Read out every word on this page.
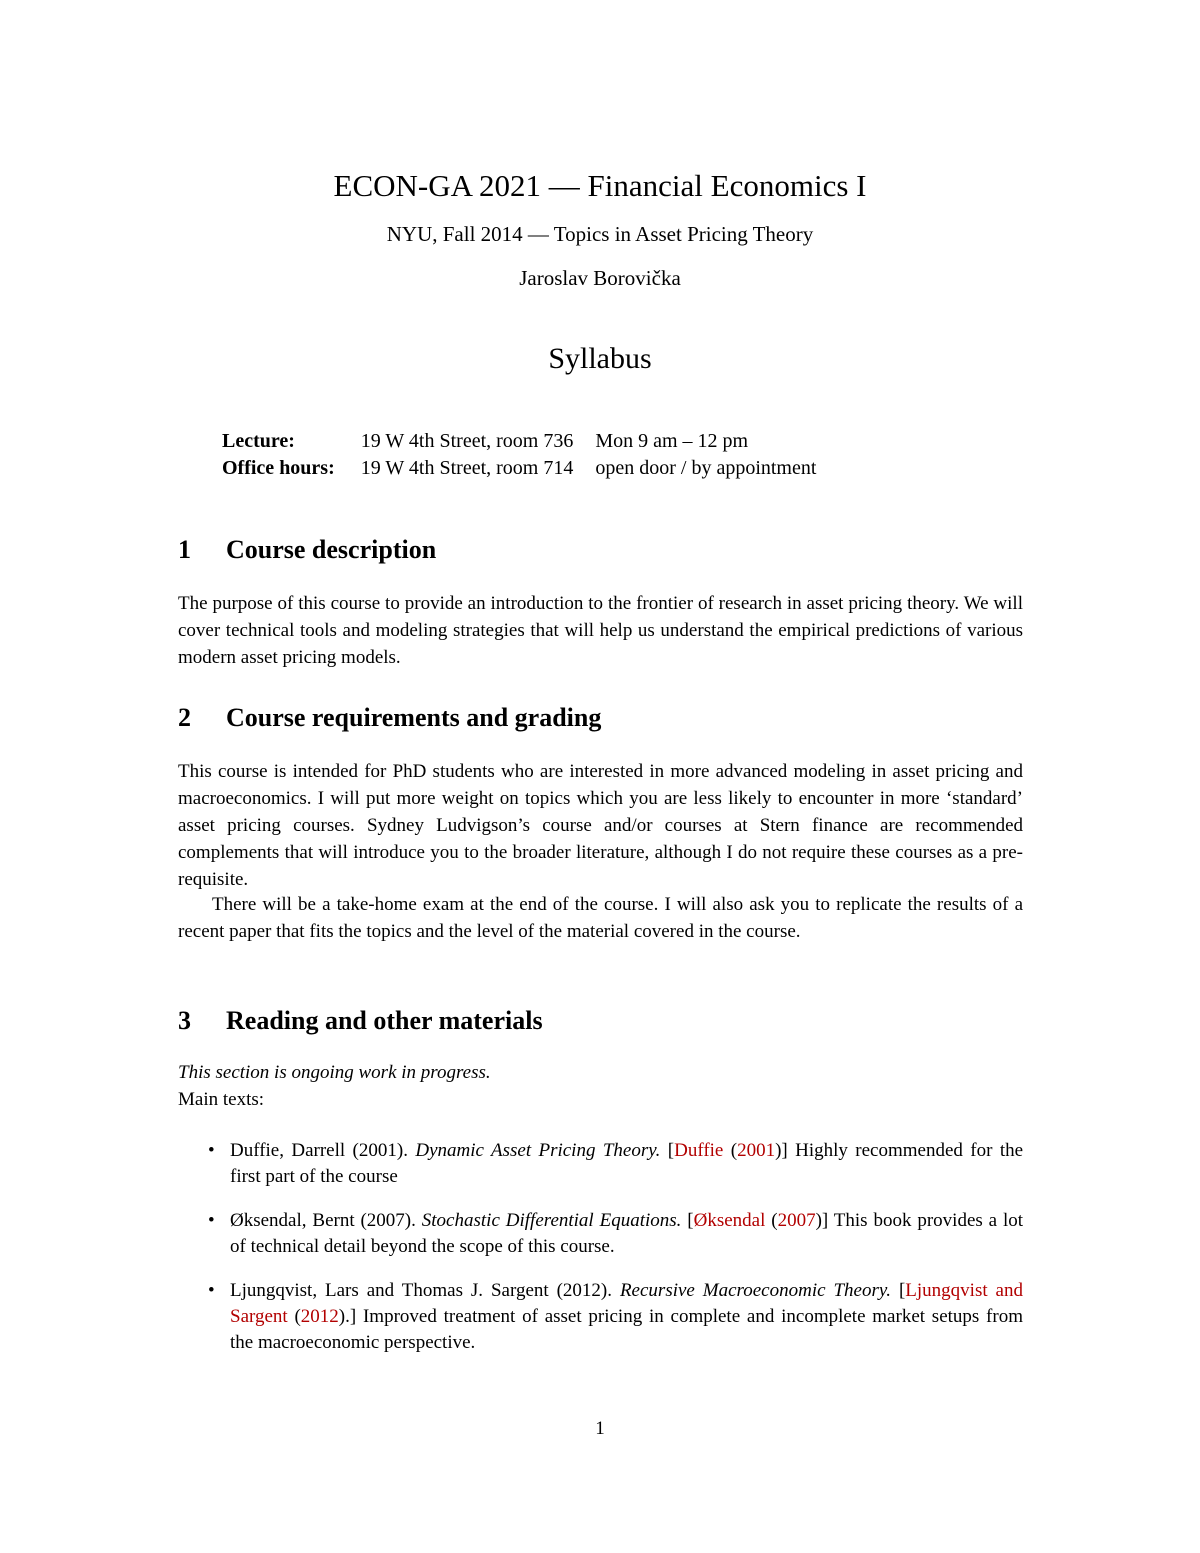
ECON-GA 2021 — Financial Economics I
NYU, Fall 2014 — Topics in Asset Pricing Theory
Jaroslav Borovička
Syllabus
Lecture:	19 W 4th Street, room 736	Mon 9 am – 12 pm
Office hours:	19 W 4th Street, room 714	open door / by appointment
1 Course description

The purpose of this course to provide an introduction to the frontier of research in asset pricing theory. We will cover technical tools and modeling strategies that will help us understand the empirical predictions of various modern asset pricing models.

2 Course requirements and grading

This course is intended for PhD students who are interested in more advanced modeling in asset pricing and macroeconomics. I will put more weight on topics which you are less likely to encounter in more ‘standard’ asset pricing courses. Sydney Ludvigson’s course and/or courses at Stern finance are recommended complements that will introduce you to the broader literature, although I do not require these courses as a pre-requisite.

There will be a take-home exam at the end of the course. I will also ask you to replicate the results of a recent paper that fits the topics and the level of the material covered in the course.

3 Reading and other materials

This section is ongoing work in progress.
Main texts:

• Duffie, Darrell (2001). Dynamic Asset Pricing Theory. [Duffie (2001)] Highly recommended for the first part of the course
• Øksendal, Bernt (2007). Stochastic Differential Equations. [Øksendal (2007)] This book provides a lot of technical detail beyond the scope of this course.
• Ljungqvist, Lars and Thomas J. Sargent (2012). Recursive Macroeconomic Theory. [Ljungqvist and Sargent (2012).] Improved treatment of asset pricing in complete and incomplete market setups from the macroeconomic perspective.
1
